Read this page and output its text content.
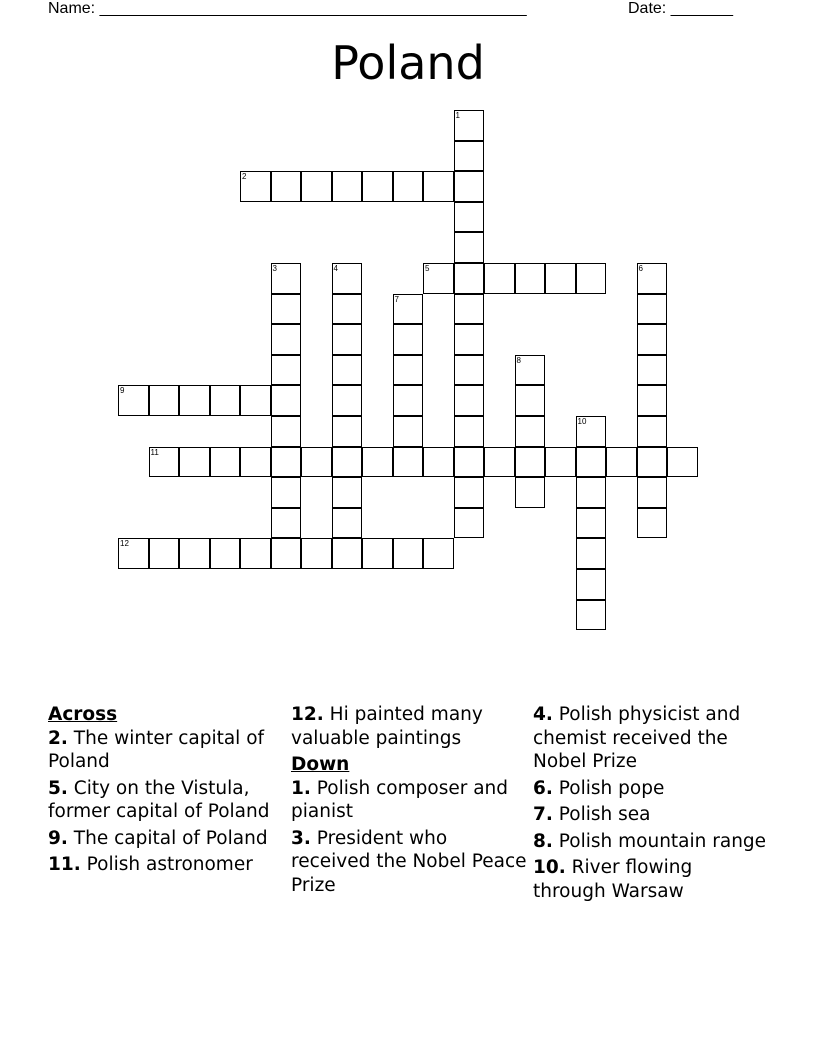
Name: ________________________________________________	Date: _______
Poland
1
2
3	4	5	6
7
8
9
10
11
12
Across
2. The winter capital of Poland
5. City on the Vistula, former capital of Poland
9. The capital of Poland
11. Polish astronomer
12. Hi painted many valuable paintings
Down
1. Polish composer and pianist
3. President who received the Nobel Peace Prize
4. Polish physicist and chemist received the Nobel Prize
6. Polish pope
7. Polish sea
8. Polish mountain range
10. River flowing through Warsaw
